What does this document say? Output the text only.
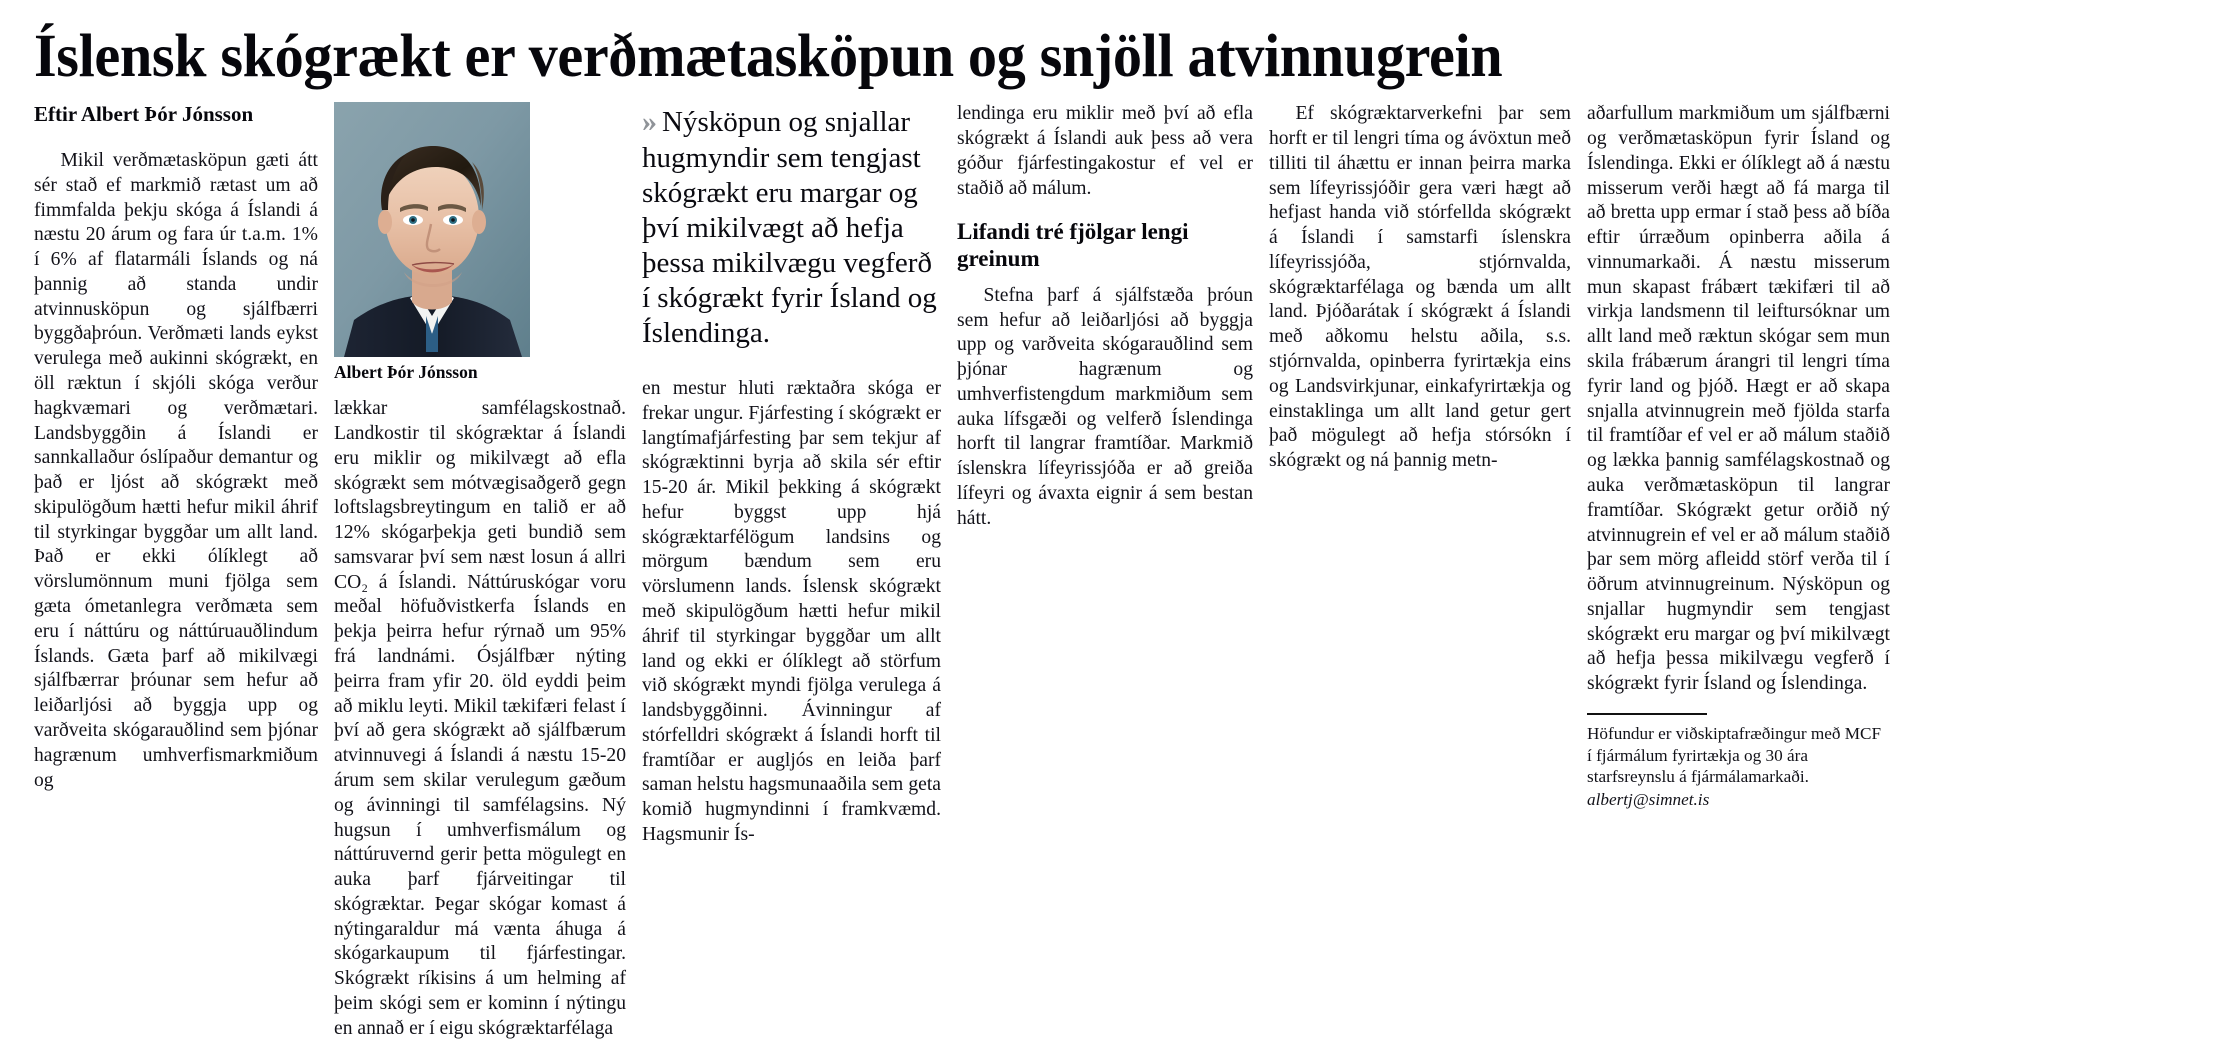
Íslensk skógrækt er verðmætasköpun og snjöll atvinnugrein
Eftir Albert Þór Jónsson

Mikil verðmætasköpun gæti átt sér stað ef markmið rætast um að fimmfalda þekju skóga á Íslandi á næstu 20 árum og fara úr t.a.m. 1% í 6% af flatarmáli Íslands og ná þannig að standa undir atvinnusköpun og sjálfbærri byggðaþróun. Verðmæti lands eykst verulega með aukinni skógrækt, en öll ræktun í skjóli skóga verður hagkvæmari og verðmætari. Landsbyggðin á Íslandi er sannkallaður óslípaður demantur og það er ljóst að skógrækt með skipulögðum hætti hefur mikil áhrif til styrkingar byggðar um allt land. Það er ekki ólíklegt að vörslumönnum muni fjölga sem gæta ómetanlegra verðmæta sem eru í náttúru og náttúruauðlindum Íslands. Gæta þarf að mikilvægi sjálfbærrar þróunar sem hefur að leiðarljósi að byggja upp og varðveita skógarauðlind sem þjónar hagrænum umhverfismarkmiðum og

Albert Þór Jónsson

lækkar samfélagskostnað. Landkostir til skógræktar á Íslandi eru miklir og mikilvægt að efla skógrækt sem mótvægisaðgerð gegn loftslagsbreytingum en talið er að 12% skógarþekja geti bundið sem samsvarar því sem næst losun á allri CO₂ á Íslandi. Náttúruskógar voru meðal höfuðvistkerfa Íslands en þekja þeirra hefur rýrnað um 95% frá landnámi. Ósjálfbær nýting þeirra fram yfir 20. öld eyddi þeim að miklu leyti. Mikil tækifæri felast í því að gera skógrækt að sjálfbærum atvinnuvegi á Íslandi á næstu 15-20 árum sem skilar verulegum gæðum og ávinningi til samfélagsins. Ný hugsun í umhverfismálum og náttúruvernd gerir þetta mögulegt en auka þarf fjárveitingar til skógræktar. Þegar skógar komast á nýtingaraldur má vænta áhuga á skógarkaupum til fjárfestingar. Skógrækt ríkisins á um helming af þeim skógi sem er kominn í nýtingu en annað er í eigu skógræktarfélaga

» Nýsköpun og snjallar hugmyndir sem tengjast skógrækt eru margar og því mikilvægt að hefja þessa mikilvægu vegferð í skógrækt fyrir Ísland og Íslendinga.

en mestur hluti ræktaðra skóga er frekar ungur. Fjárfesting í skógrækt er langtímafjárfesting þar sem tekjur af skógræktinni byrja að skila sér eftir 15-20 ár. Mikil þekking á skógrækt hefur byggst upp hjá skógræktarfélögum landsins og mörgum bændum sem eru vörslumenn lands. Íslensk skógrækt með skipulögðum hætti hefur mikil áhrif til styrkingar byggðar um allt land og ekki er ólíklegt að störfum við skógrækt myndi fjölga verulega á landsbyggðinni. Ávinningur af stórfelldri skógrækt á Íslandi horft til framtíðar er augljós en leiða þarf saman helstu hagsmunaaðila sem geta komið hugmyndinni í framkvæmd. Hagsmunir Ís-

lendinga eru miklir með því að efla skógrækt á Íslandi auk þess að vera góður fjárfestingakostur ef vel er staðið að málum.

Lifandi tré fjölgar lengi greinum

Stefna þarf á sjálfstæða þróun sem hefur að leiðarljósi að byggja upp og varðveita skógarauðlind sem þjónar hagrænum og umhverfistengdum markmiðum sem auka lífsgæði og velferð Íslendinga horft til langrar framtíðar. Markmið íslenskra lífeyrissjóða er að greiða lífeyri og ávaxta eignir á sem bestan hátt.

Ef skógræktarverkefni þar sem horft er til lengri tíma og ávöxtun með tilliti til áhættu er innan þeirra marka sem lífeyrissjóðir gera væri hægt að hefjast handa við stórfellda skógrækt á Íslandi í samstarfi íslenskra lífeyrissjóða, stjórnvalda, skógræktarfélaga og bænda um allt land. Þjóðarátak í skógrækt á Íslandi með aðkomu helstu aðila, s.s. stjórnvalda, opinberra fyrirtækja eins og Landsvirkjunar, einkafyrirtækja og einstaklinga um allt land getur gert það mögulegt að hefja stórsókn í skógrækt og ná þannig metn-

aðarfullum markmiðum um sjálfbærni og verðmætasköpun fyrir Ísland og Íslendinga. Ekki er ólíklegt að á næstu misserum verði hægt að fá marga til að bretta upp ermar í stað þess að bíða eftir úrræðum opinberra aðila á vinnumarkaði. Á næstu misserum mun skapast frábært tækifæri til að virkja landsmenn til leiftursóknar um allt land með ræktun skógar sem mun skila frábærum árangri til lengri tíma fyrir land og þjóð. Hægt er að skapa snjalla atvinnugrein með fjölda starfa til framtíðar ef vel er að málum staðið og lækka þannig samfélagskostnað og auka verðmætasköpun til langrar framtíðar. Skógrækt getur orðið ný atvinnugrein ef vel er að málum staðið þar sem mörg afleidd störf verða til í öðrum atvinnugreinum. Nýsköpun og snjallar hugmyndir sem tengjast skógrækt eru margar og því mikilvægt að hefja þessa mikilvægu vegferð í skógrækt fyrir Ísland og Íslendinga.

Höfundur er viðskiptafræðingur með MCF í fjármálum fyrirtækja og 30 ára starfsreynslu á fjármálamarkaði.
albertj@simnet.is
